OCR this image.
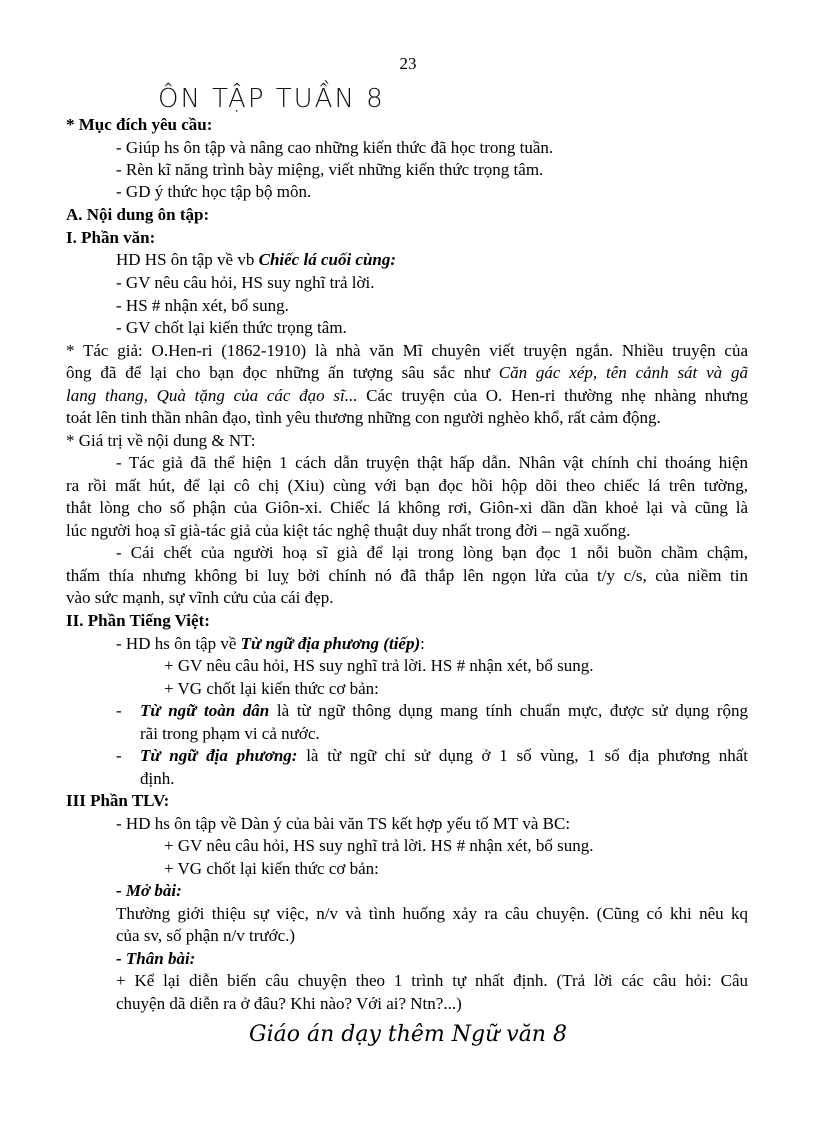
23
ÔN TẬP TUẦN 8
* Mục đích yêu cầu:
- Giúp hs ôn tập và nâng cao những kiến thức đã học trong tuần.
- Rèn kĩ năng trình bày miệng, viết những kiến thức trọng tâm.
- GD ý thức học tập bộ môn.
A. Nội dung ôn tập:
I. Phần văn:
HD HS ôn tập về vb Chiếc lá cuối cùng:
- GV nêu câu hỏi, HS suy nghĩ trả lời.
- HS # nhận xét, bổ sung.
- GV chốt lại kiến thức trọng tâm.
* Tác giả: O.Hen-ri (1862-1910) là nhà văn Mĩ chuyên viết truyện ngắn. Nhiều truyện của
ông đã để lại cho bạn đọc những ấn tượng sâu sắc như Căn gác xép, tên cảnh sát và gã
lang thang, Quà tặng của các đạo sĩ... Các truyện của O. Hen-ri thường nhẹ nhàng nhưng
toát lên tinh thần nhân đạo, tình yêu thương những con người nghèo khổ, rất cảm động.
* Giá trị về nội dung & NT:
- Tác giả đã thể hiện 1 cách dẫn truyện thật hấp dẫn. Nhân vật chính chỉ thoáng hiện
ra rồi mất hút, để lại cô chị (Xiu) cùng với bạn đọc hồi hộp dõi theo chiếc lá trên tường,
thắt lòng cho số phận của Giôn-xi. Chiếc lá không rơi, Giôn-xi dần dần khoẻ lại và cũng là
lúc người hoạ sĩ già-tác giả của kiệt tác nghệ thuật duy nhất trong đời – ngã xuống.
- Cái chết của người hoạ sĩ già để lại trong lòng bạn đọc 1 nỗi buồn chầm chậm,
thấm thía nhưng không bi luỵ bởi chính nó đã thắp lên ngọn lửa của t/y c/s, của niềm tin
vào sức mạnh, sự vĩnh cửu của cái đẹp.
II. Phần Tiếng Việt:
- HD hs ôn tập về Từ ngữ địa phương (tiếp):
+ GV nêu câu hỏi, HS suy nghĩ trả lời. HS # nhận xét, bổ sung.
+ VG chốt lại kiến thức cơ bản:
- Từ ngữ toàn dân là từ ngữ thông dụng mang tính chuẩn mực, được sử dụng rộng
rãi trong phạm vi cả nước.
- Từ ngữ địa phương: là từ ngữ chỉ sử dụng ở 1 số vùng, 1 số địa phương nhất
định.
III Phần TLV:
- HD hs ôn tập về Dàn ý của bài văn TS kết hợp yếu tố MT và BC:
+ GV nêu câu hỏi, HS suy nghĩ trả lời. HS # nhận xét, bổ sung.
+ VG chốt lại kiến thức cơ bản:
- Mở bài:
Thường giới thiệu sự việc, n/v và tình huống xảy ra câu chuyện. (Cũng có khi nêu kq
của sv, số phận n/v trước.)
- Thân bài:
+ Kể lại diễn biến câu chuyện theo 1 trình tự nhất định. (Trả lời các câu hỏi: Câu
chuyện dã diễn ra ở đâu? Khi nào? Với ai? Ntn?...)
Giáo án dạy thêm Ngữ văn 8
